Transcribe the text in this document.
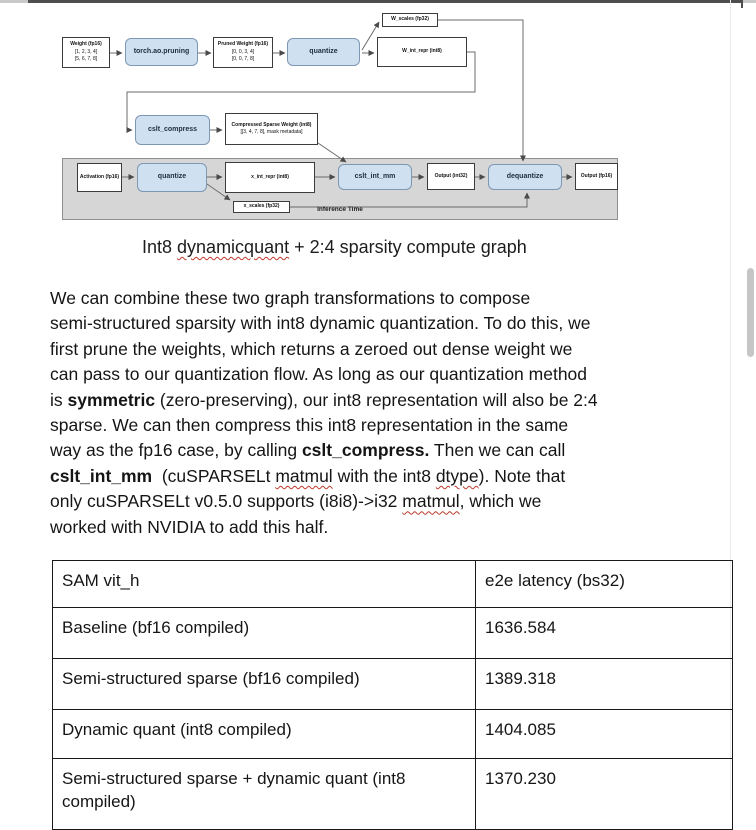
Weight (fp16)
[1, 2, 3, 4]
[5, 6, 7, 8]
torch.ao.pruning
Pruned Weight (fp16)
[0, 0, 3, 4]
[0, 0, 7, 8]
quantize
W_scales (fp32)
W_int_repr (int8)
cslt_compress
Compressed Sparse Weight (int8)
[[3, 4, 7, 8], mask metadata]
Activation (fp16)	quantize	x_int_repr (int8)
x_scales (fp32)
cslt_int_mm	Output (int32)	dequantize	Output (fp16)
Inference Time
Int8 dynamicquant + 2:4 sparsity compute graph
We can combine these two graph transformations to compose
semi-structured sparsity with int8 dynamic quantization. To do this, we
first prune the weights, which returns a zeroed out dense weight we
can pass to our quantization flow. As long as our quantization method
is symmetric (zero-preserving), our int8 representation will also be 2:4
sparse. We can then compress this int8 representation in the same
way as the fp16 case, by calling cslt_compress. Then we can call
cslt_int_mm  (cuSPARSELt matmul with the int8 dtype). Note that
only cuSPARSELt v0.5.0 supports (i8i8)->i32 matmul, which we
worked with NVIDIA to add this half.
SAM vit_h	e2e latency (bs32)
Baseline (bf16 compiled)	1636.584
Semi-structured sparse (bf16 compiled)	1389.318
Dynamic quant (int8 compiled)	1404.085
Semi-structured sparse + dynamic quant (int8 compiled)	1370.230
